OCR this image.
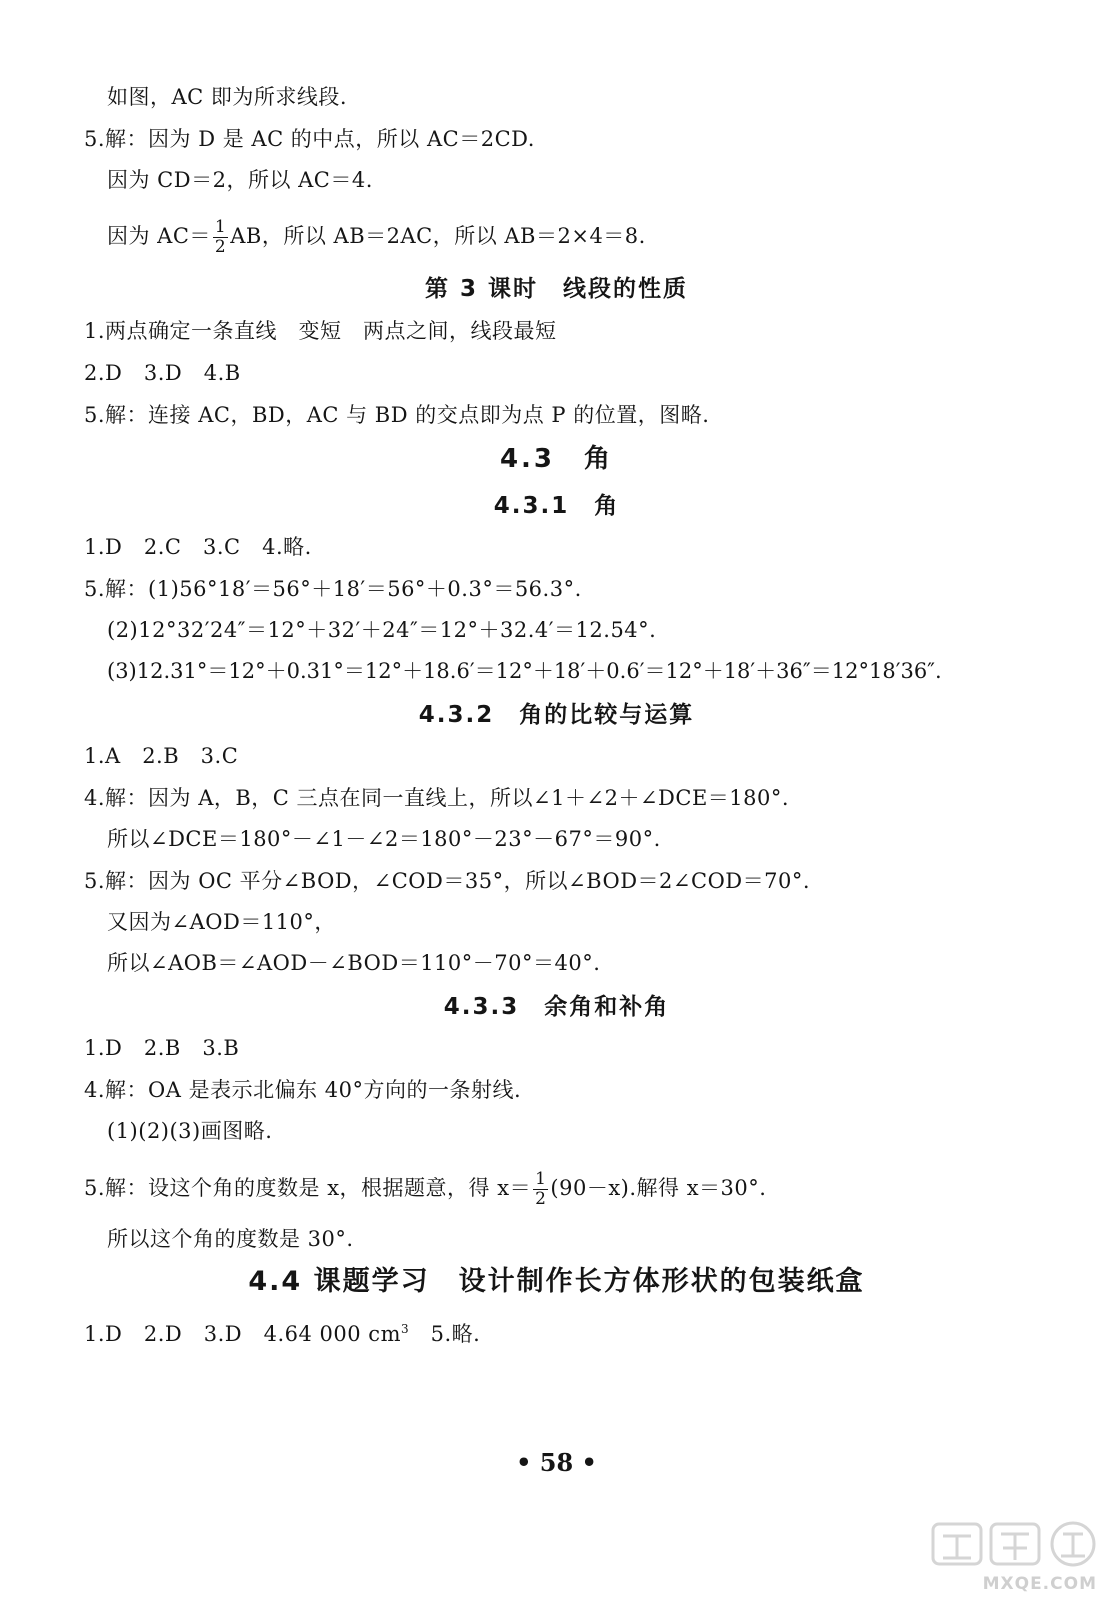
如图，AC 即为所求线段.
5.解：因为 D 是 AC 的中点，所以 AC＝2CD.
因为 CD＝2，所以 AC＝4.
因为 $AC= \frac{1}{2}$ AB，所以 AB＝2AC，所以 AB＝2×4＝8.
第 3 课时　线段的性质
1.两点确定一条直线　变短　两点之间，线段最短
2.D　3.D　4.B
5.解：连接 AC，BD，AC 与 BD 的交点即为点 P 的位置，图略.
4.3　角
4.3.1　角
1.D　2.C　3.C　4.略.
5.解：(1)56°18′＝56°＋18′＝56°＋0.3°＝56.3°.
(2)12°32′24″＝12°＋32′＋24″＝12°＋32.4′＝12.54°.
(3)12.31°＝12°＋0.31°＝12°＋18.6′＝12°＋18′＋0.6′＝12°＋18′＋36″＝12°18′36″.
4.3.2　角的比较与运算
1.A　2.B　3.C
4.解：因为 A，B，C 三点在同一直线上，所以∠1＋∠2＋∠DCE＝180°.
所以∠DCE＝180°－∠1－∠2＝180°－23°－67°＝90°.
5.解：因为 OC 平分∠BOD，∠COD＝35°，所以∠BOD＝2∠COD＝70°.
又因为∠AOD＝110°，
所以∠AOB＝∠AOD－∠BOD＝110°－70°＝40°.
4.3.3　余角和补角
1.D　2.B　3.B
4.解：OA 是表示北偏东 40°方向的一条射线.
(1)(2)(3)画图略.
5.解：设这个角的度数是 x，根据题意，得 $x= \frac{1}{2} (90-x)$.解得 x＝30°.
所以这个角的度数是 30°.
4.4 课题学习　设计制作长方体形状的包装纸盒
1.D　2.D　3.D　4.64 000 $cm^3$　5.略.
• 58 •
MXQE.COM
